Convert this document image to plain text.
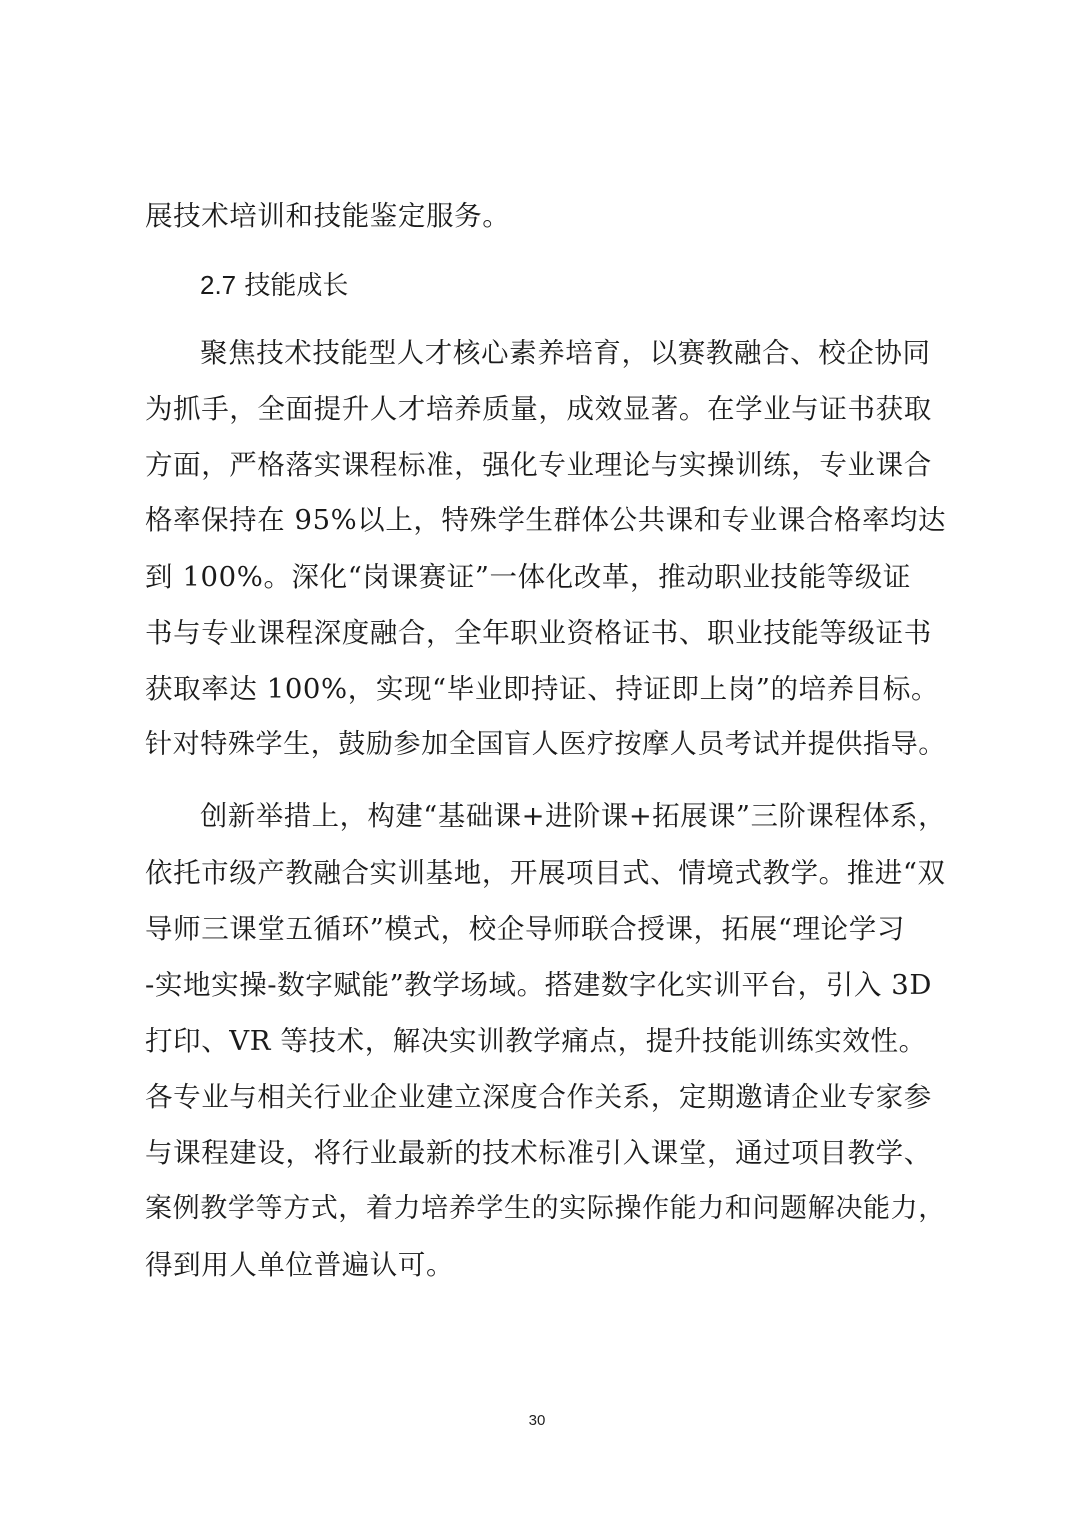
展技术培训和技能鉴定服务。
2.7 技能成长
聚焦技术技能型人才核心素养培育，以赛教融合、校企协同
为抓手，全面提升人才培养质量，成效显著。在学业与证书获取
方面，严格落实课程标准，强化专业理论与实操训练，专业课合
格率保持在 95%以上，特殊学生群体公共课和专业课合格率均达
到 100%。深化“岗课赛证”一体化改革，推动职业技能等级证
书与专业课程深度融合，全年职业资格证书、职业技能等级证书
获取率达 100%，实现“毕业即持证、持证即上岗”的培养目标。
针对特殊学生，鼓励参加全国盲人医疗按摩人员考试并提供指导。
创新举措上，构建“基础课+进阶课+拓展课”三阶课程体系，
依托市级产教融合实训基地，开展项目式、情境式教学。推进“双
导师三课堂五循环”模式，校企导师联合授课，拓展“理论学习
-实地实操-数字赋能”教学场域。搭建数字化实训平台，引入 3D
打印、VR 等技术，解决实训教学痛点，提升技能训练实效性。
各专业与相关行业企业建立深度合作关系，定期邀请企业专家参
与课程建设，将行业最新的技术标准引入课堂，通过项目教学、
案例教学等方式，着力培养学生的实际操作能力和问题解决能力，
得到用人单位普遍认可。
30
